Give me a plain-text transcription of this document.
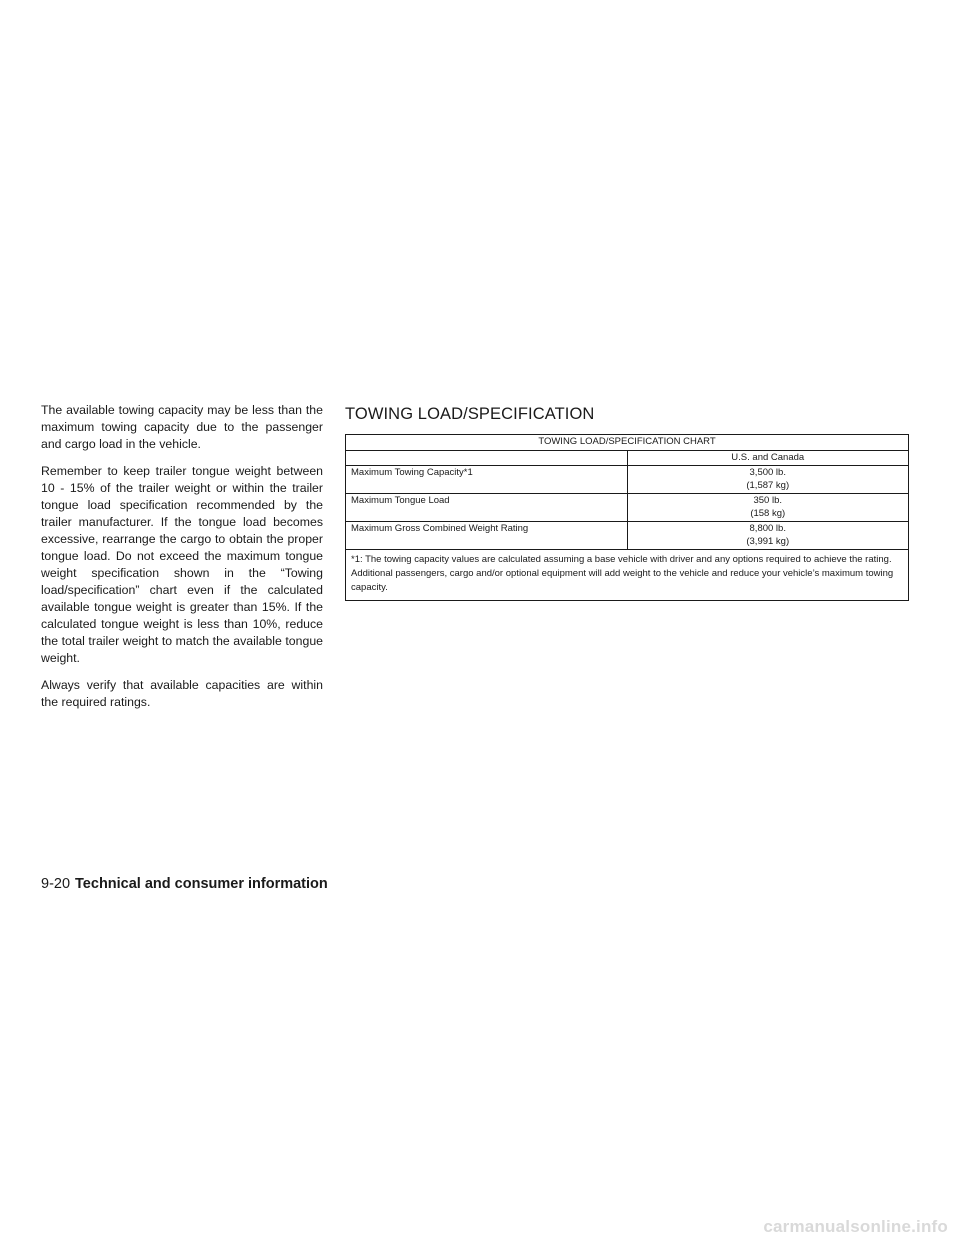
The available towing capacity may be less than the maximum towing capacity due to the passenger and cargo load in the vehicle.

Remember to keep trailer tongue weight between 10 - 15% of the trailer weight or within the trailer tongue load specification recommended by the trailer manufacturer. If the tongue load becomes excessive, rearrange the cargo to obtain the proper tongue load. Do not exceed the maximum tongue weight specification shown in the “Towing load/specification” chart even if the calculated available tongue weight is greater than 15%. If the calculated tongue weight is less than 10%, reduce the total trailer weight to match the available tongue weight.

Always verify that available capacities are within the required ratings.

TOWING LOAD/SPECIFICATION
TOWING LOAD/SPECIFICATION CHART	
	U.S. and Canada
Maximum Towing Capacity*1	3,500 lb.
(1,587 kg)

Maximum Tongue Load	350 lb.
(158 kg)

Maximum Gross Combined Weight Rating	8,800 lb.
(3,991 kg)

*1: The towing capacity values are calculated assuming a base vehicle with driver and any options required to achieve the rating. Additional passengers, cargo and/or optional equipment will add weight to the vehicle and reduce your vehicle’s maximum towing capacity.	
9-20 Technical and consumer information
carmanualsonline.info
